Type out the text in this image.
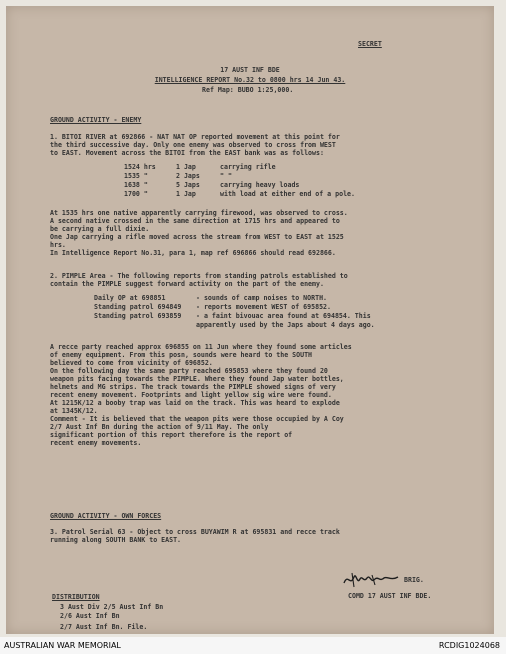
SECRET
17 AUST INF BDE
INTELLIGENCE REPORT No.32 to 0800 hrs 14 Jun 43.
Ref Map: BUBO 1:25,000.
GROUND ACTIVITY - ENEMY
1. BITOI RIVER at 692866 - NAT NAT OP reported movement at this point for
the third successive day. Only one enemy was observed to cross from WEST
to EAST. Movement across the BITOI from the EAST bank was as follows:
1524 hrs	1 Jap	carrying rifle
1535 "	2 Japs	" "
1638 "	5 Japs	carrying heavy loads
1700 "	1 Jap	with load at either end of a pole.
At 1535 hrs one native apparently carrying firewood, was observed to cross.
A second native crossed in the same direction at 1715 hrs and appeared to
be carrying a full dixie.
One Jap carrying a rifle moved across the stream from WEST to EAST at 1525
hrs.
In Intelligence Report No.31, para 1, map ref 696866 should read 692866.
2. PIMPLE Area - The following reports from standing patrols established to
contain the PIMPLE suggest forward activity on the part of the enemy.
Daily OP at 698851	- sounds of camp noises to NORTH.
Standing patrol 694849 - reports movement WEST of 695852.
Standing patrol 693859 - a faint bivouac area found at 694854. This
apparently used by the Japs about 4 days ago.
A recce party reached approx 696855 on 11 Jun where they found some articles
of enemy equipment. From this posn, sounds were heard to the SOUTH
believed to come from vicinity of 696852.
On the following day the same party reached 695853 where they found 20
weapon pits facing towards the PIMPLE. Where they found Jap water bottles,
helmets and MG strips. The track towards the PIMPLE showed signs of very
recent enemy movement. Footprints and light yellow sig wire were found.
At 1215K/12 a booby trap was laid on the track. This was heard to explode
at 1345K/12.
Comment - It is believed that the weapon pits were those occupied by A Coy
2/7 Aust Inf Bn during the action of 9/11 May. The only
significant portion of this report therefore is the report of
recent enemy movements.
GROUND ACTIVITY - OWN FORCES
3. Patrol Serial 63 - Object to cross BUYAWIM R at 695831 and recce track
running along SOUTH BANK to EAST.
BRIG.
COMD 17 AUST INF BDE.
DISTRIBUTION
3 Aust Div 2/5 Aust Inf Bn
2/6 Aust Inf Bn
2/7 Aust Inf Bn. File.
AUSTRALIAN WAR MEMORIAL	RCDIG1024068
